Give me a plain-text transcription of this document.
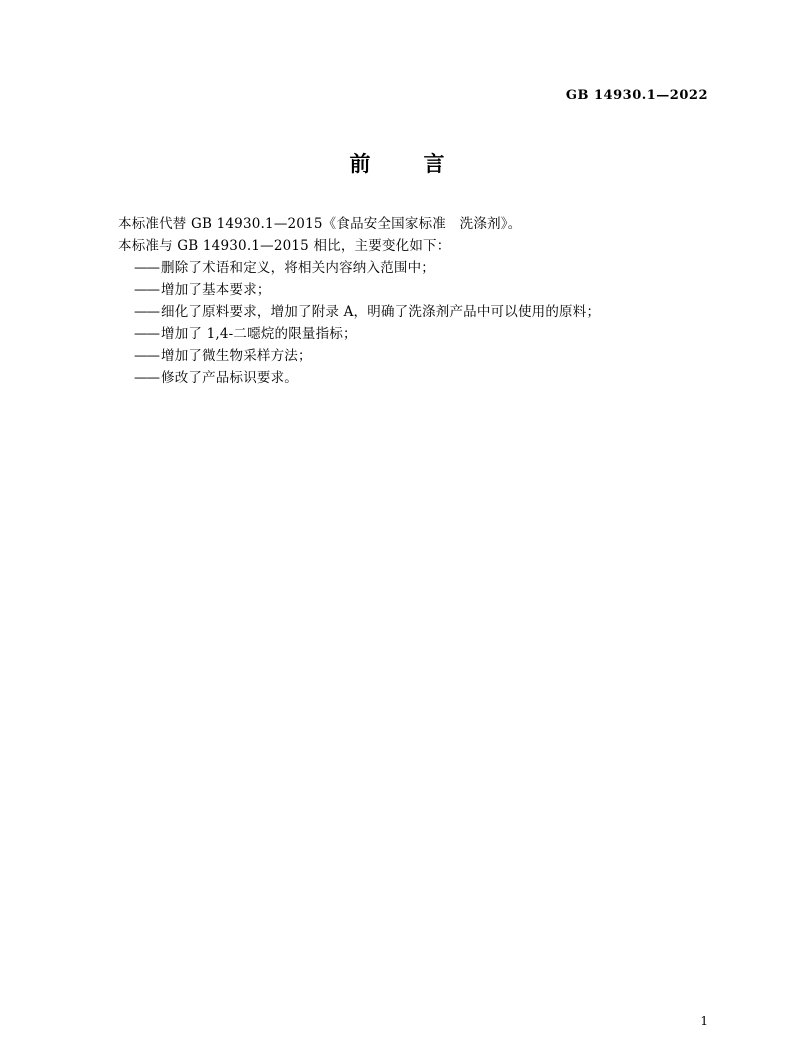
GB 14930.1—2022
前　言

本标准代替 GB 14930.1—2015《食品安全国家标准　洗涤剂》。

本标准与 GB 14930.1—2015 相比，主要变化如下：

—— 删除了术语和定义，将相关内容纳入范围中；

—— 增加了基本要求；

—— 细化了原料要求，增加了附录 A，明确了洗涤剂产品中可以使用的原料；

—— 增加了 1,4-二噁烷的限量指标；

—— 增加了微生物采样方法；

—— 修改了产品标识要求。

1
